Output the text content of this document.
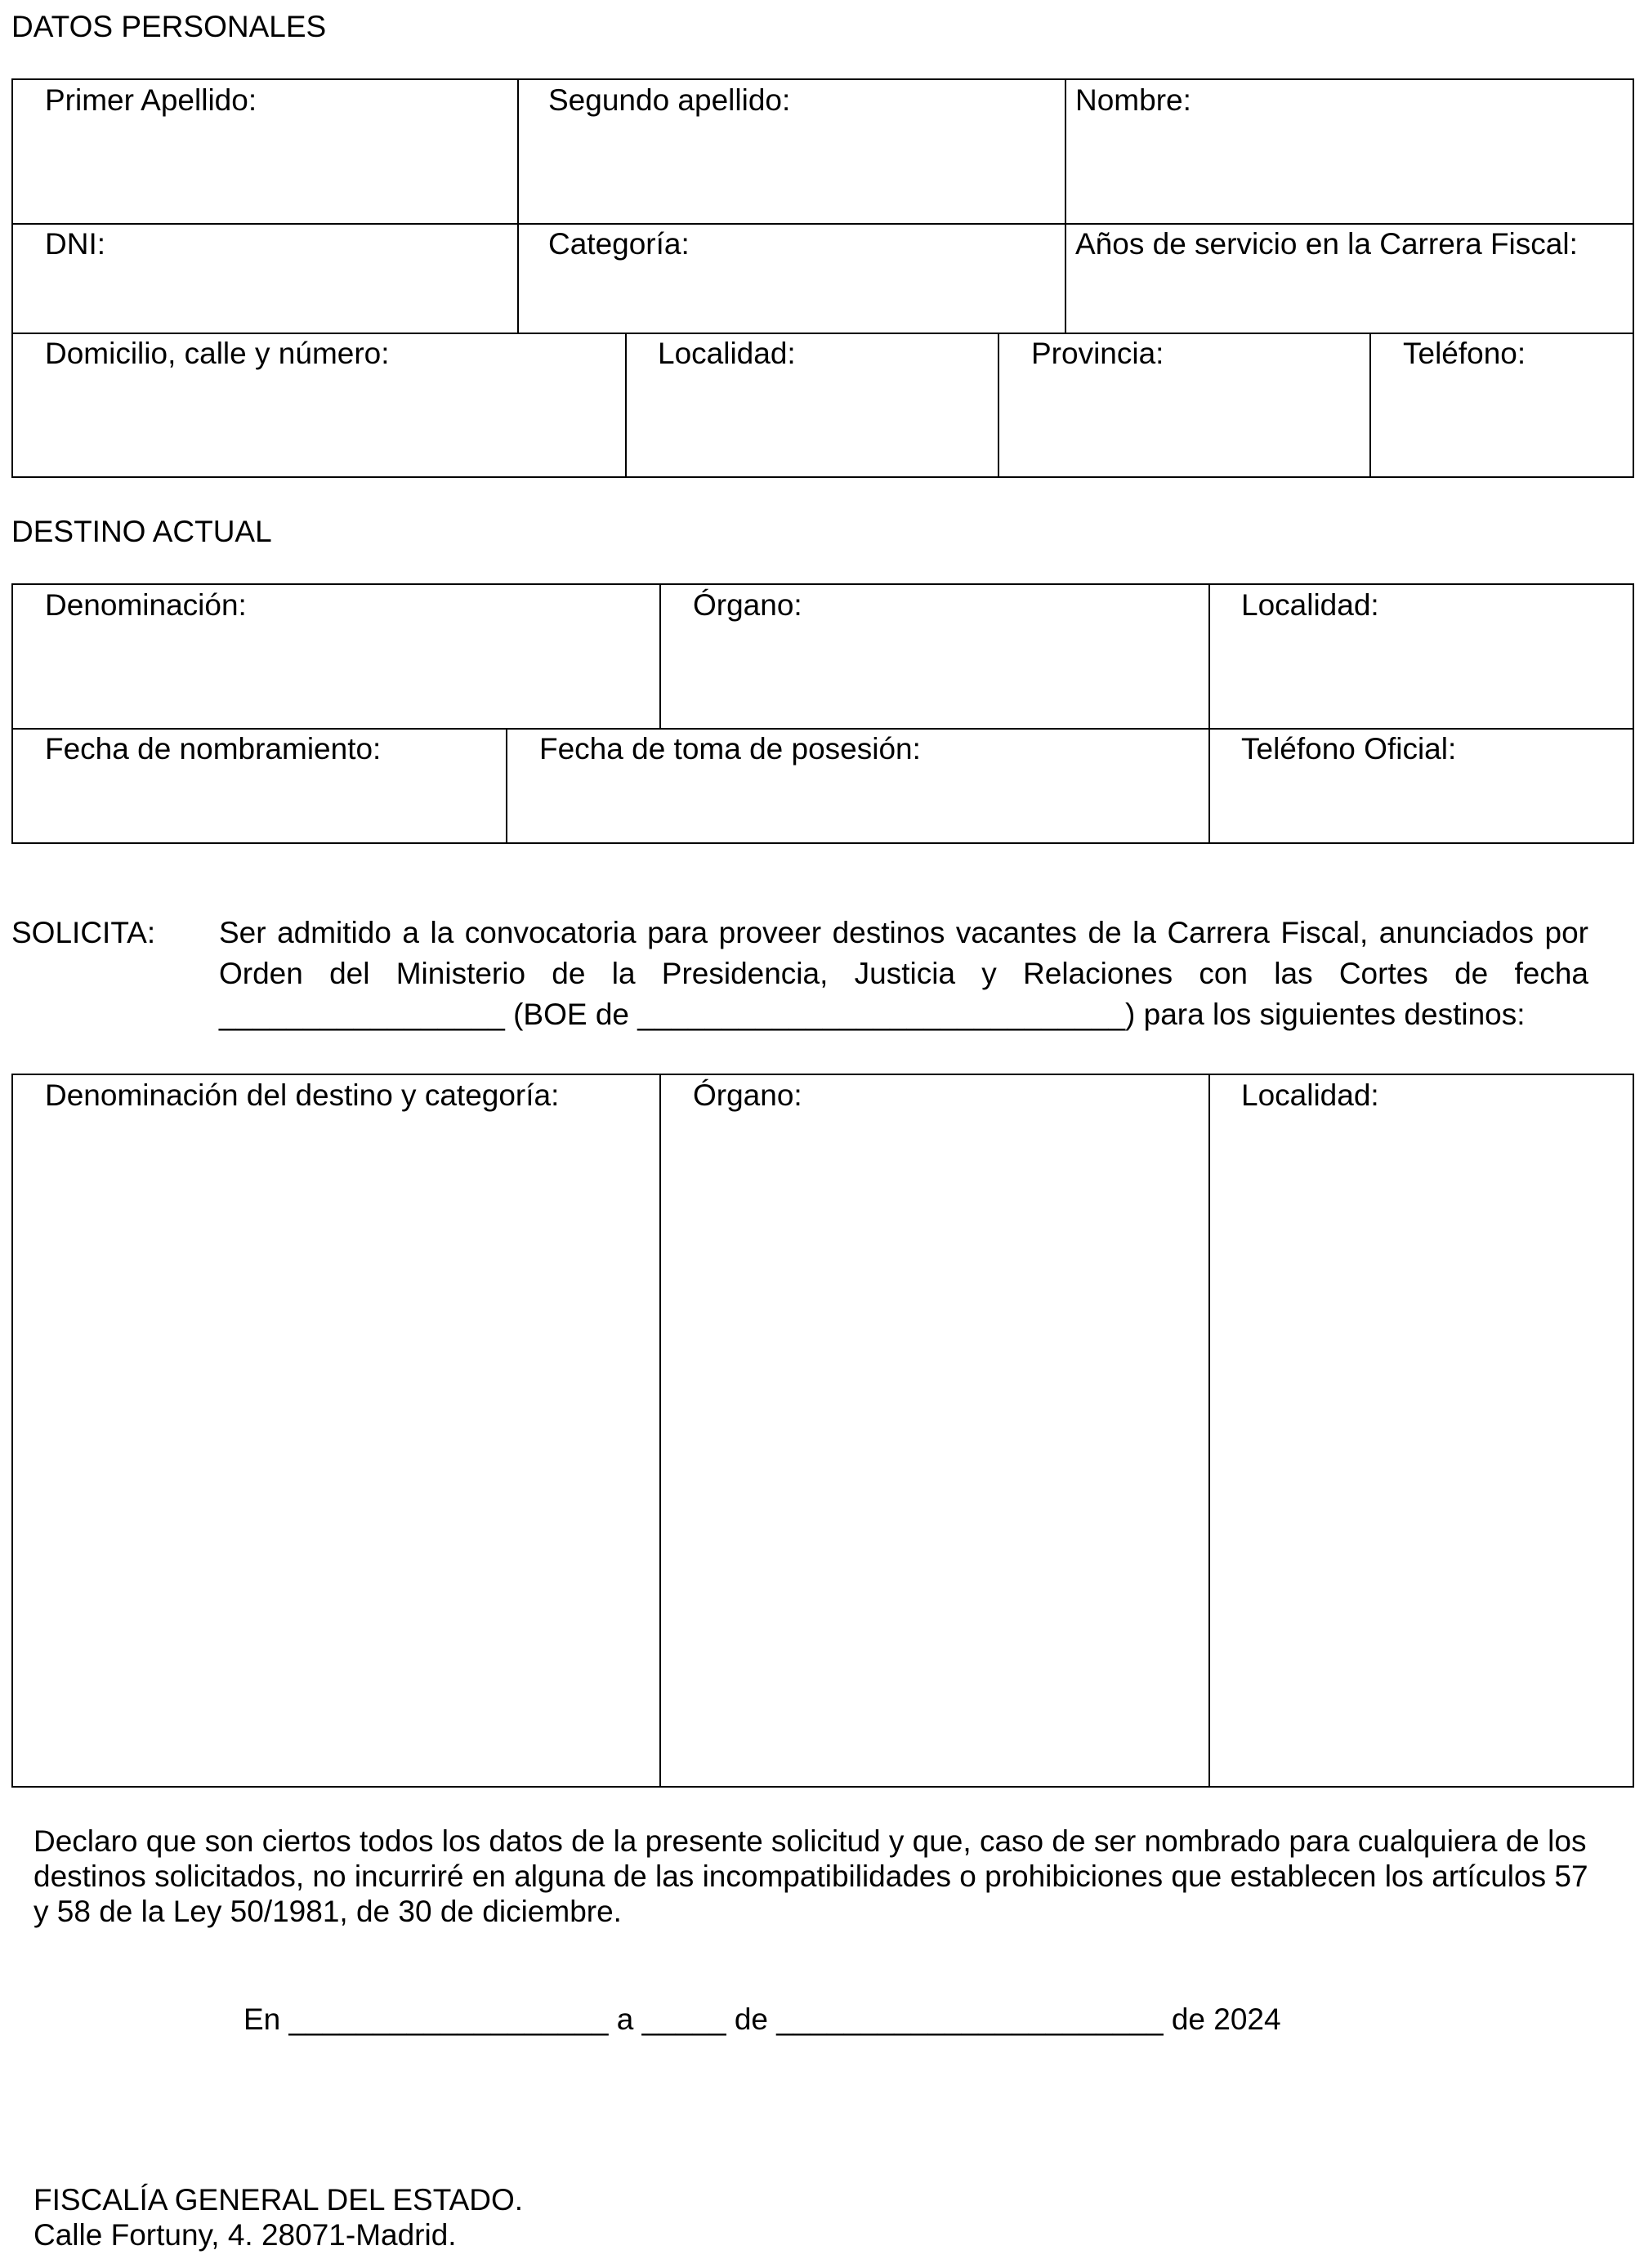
DATOS PERSONALES
Primer Apellido:	Segundo apellido:	Nombre:
DNI:	Categoría:	Años de servicio en la Carrera Fiscal:
Domicilio, calle y número:	Localidad:	Provincia:	Teléfono:
DESTINO ACTUAL
Denominación:	Órgano:	Localidad:
Fecha de nombramiento:	Fecha de toma de posesión:	Teléfono Oficial:
SOLICITA: Ser admitido a la convocatoria para proveer destinos vacantes de la Carrera Fiscal, anunciados por
Orden del Ministerio de la Presidencia, Justicia y Relaciones con las Cortes de fecha
_________________ (BOE de _____________________________) para los siguientes destinos:
Denominación del destino y categoría:	Órgano:	Localidad:
Declaro que son ciertos todos los datos de la presente solicitud y que, caso de ser nombrado para cualquiera de los
destinos solicitados, no incurriré en alguna de las incompatibilidades o prohibiciones que establecen los artículos 57
y 58 de la Ley 50/1981, de 30 de diciembre.
En ___________________ a _____ de _______________________ de 2024
FISCALÍA GENERAL DEL ESTADO.
Calle Fortuny, 4. 28071-Madrid.
